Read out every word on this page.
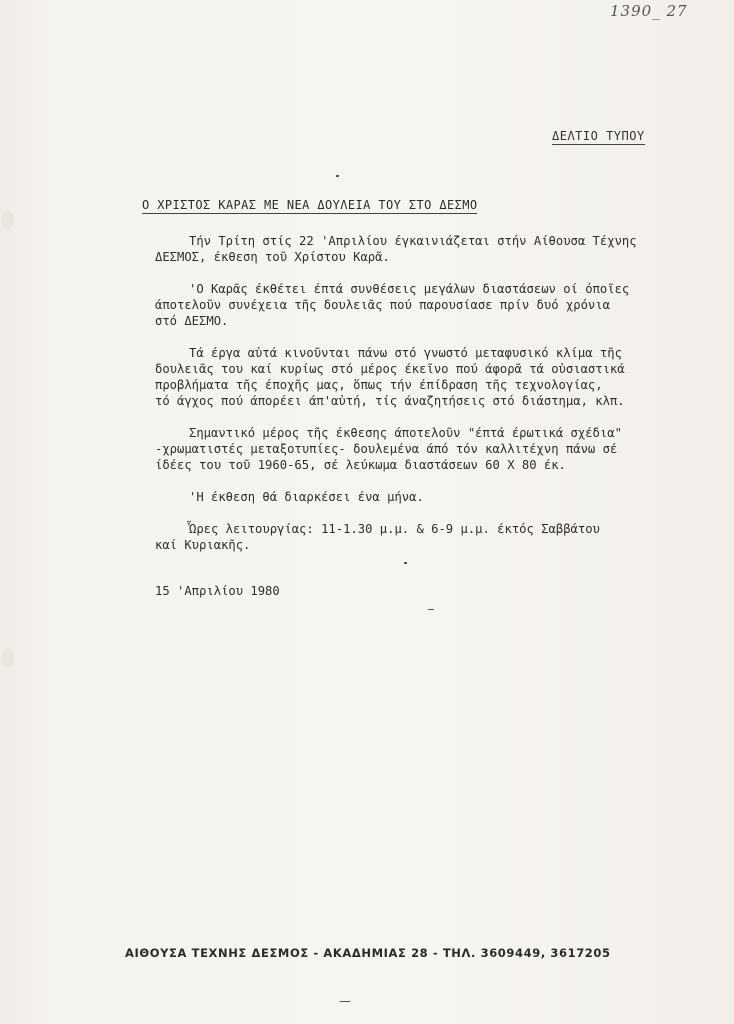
1390_ 27
ΔΕΛΤΙΟ ΤΥΠΟΥ
Ο ΧΡΙΣΤΟΣ ΚΑΡΑΣ ΜΕ ΝΕΑ ΔΟΥΛΕΙΑ ΤΟΥ ΣΤΟ ΔΕΣΜΟ

Τήν Τρίτη στίς 22 'Απριλίου έγκαινιάζεται στήν Αίθουσα Τέχνης
ΔΕΣΜΟΣ, έκθεση τοῦ Χρίστου Καρᾶ.

'Ο Καρᾶς έκθέτει έπτά συνθέσεις μεγάλων διαστάσεων οί όποῖες
άποτελοῦν συνέχεια τῆς δουλειᾶς πού παρουσίασε πρίν δυό χρόνια
στό ΔΕΣΜΟ.

Τά έργα αὐτά κινοῦνται πάνω στό γνωστό μεταφυσικό κλίμα τῆς
δουλειᾶς του καί κυρίως στό μέρος έκεῖνο πού άφορᾶ τά οὐσιαστικά
προβλήματα τῆς έποχῆς μας, ὅπως τήν έπίδραση τῆς τεχνολογίας,
τό άγχος πού άπορέει άπ'αὐτή, τίς άναζητήσεις στό διάστημα, κλπ.

Σημαντικό μέρος τῆς έκθεσης άποτελοῦν "έπτά έρωτικά σχέδια"
-χρωματιστές μεταξοτυπίες- δουλεμένα άπό τόν καλλιτέχνη πάνω σέ
ίδέες του τοῦ 1960-65, σέ λεύκωμα διαστάσεων 60 Χ 80 έκ.

'Η έκθεση θά διαρκέσει ένα μήνα.

Ὧρες λειτουργίας: 11-1.30 μ.μ. & 6-9 μ.μ. έκτός Σαββάτου
καί Κυριακῆς.

15 'Απριλίου 1980
ΑΙΘΟΥΣΑ ΤΕΧΝΗΣ ΔΕΣΜΟΣ - ΑΚΑΔΗΜΙΑΣ 28 - ΤΗΛ. 3609449, 3617205
